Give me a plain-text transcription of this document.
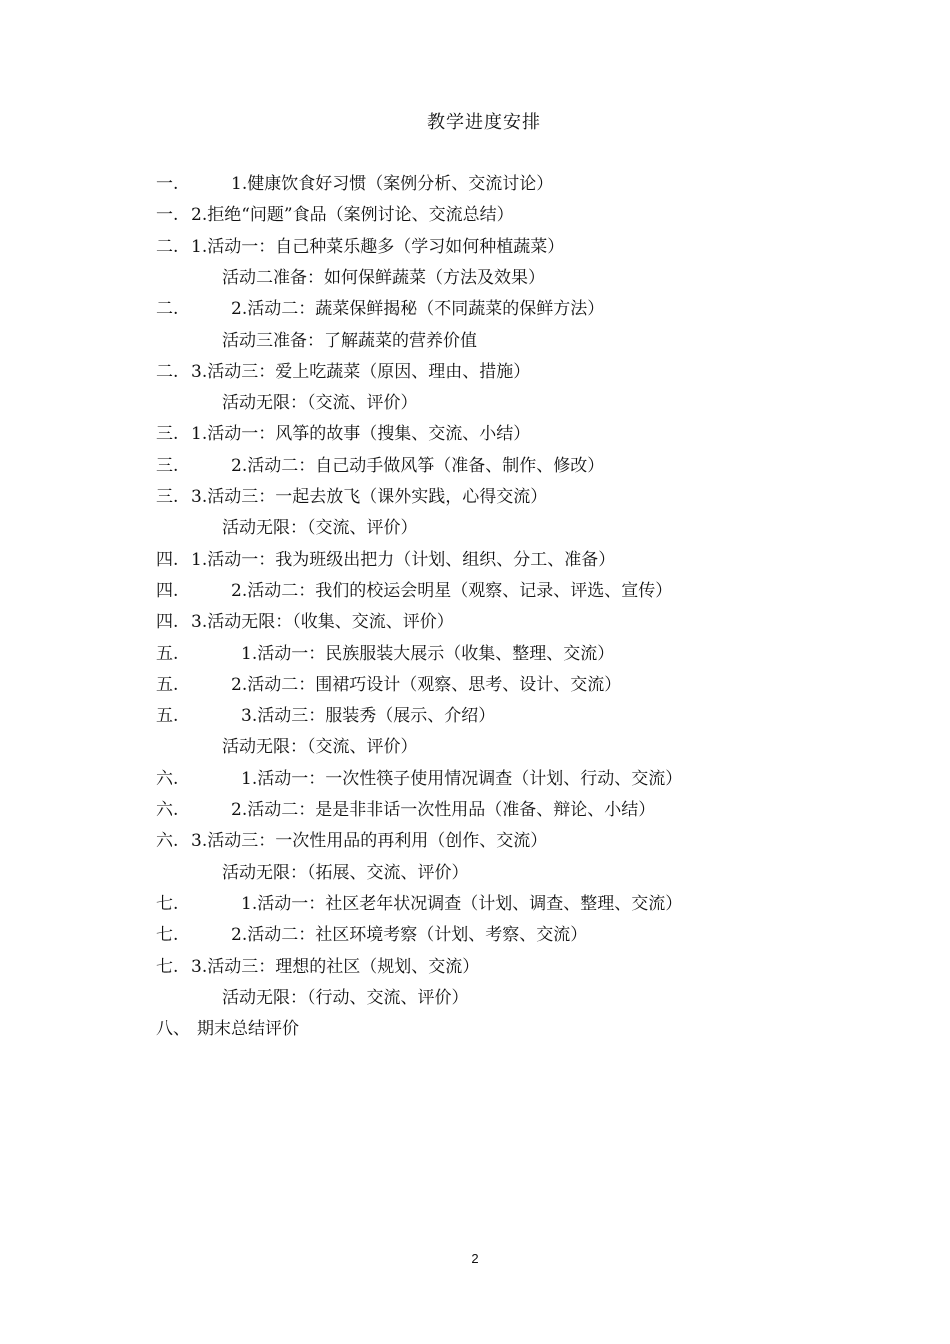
教学进度安排
一.	1.健康饮食好习惯（案例分析、交流讨论）
一. 2.拒绝“问题”食品（案例讨论、交流总结）
二. 1.活动一：自己种菜乐趣多（学习如何种植蔬菜）
活动二准备：如何保鲜蔬菜（方法及效果）
二.	2.活动二：蔬菜保鲜揭秘（不同蔬菜的保鲜方法）
活动三准备：了解蔬菜的营养价值
二. 3.活动三：爱上吃蔬菜（原因、理由、措施）
活动无限：（交流、评价）
三. 1.活动一：风筝的故事（搜集、交流、小结）
三.	2.活动二：自己动手做风筝（准备、制作、修改）
三. 3.活动三：一起去放飞（课外实践，心得交流）
活动无限：（交流、评价）
四. 1.活动一：我为班级出把力（计划、组织、分工、准备）
四.	2.活动二：我们的校运会明星（观察、记录、评选、宣传）
四. 3.活动无限：（收集、交流、评价）
五.	1.活动一：民族服装大展示（收集、整理、交流）
五.	2.活动二：围裙巧设计（观察、思考、设计、交流）
五.	3.活动三：服装秀（展示、介绍）
活动无限：（交流、评价）
六.	1.活动一：一次性筷子使用情况调查（计划、行动、交流）
六.	2.活动二：是是非非话一次性用品（准备、辩论、小结）
六. 3.活动三：一次性用品的再利用（创作、交流）
活动无限：（拓展、交流、评价）
七.	1.活动一：社区老年状况调查（计划、调查、整理、交流）
七.	2.活动二：社区环境考察（计划、考察、交流）
七. 3.活动三：理想的社区（规划、交流）
活动无限：（行动、交流、评价）
八、 期末总结评价
2
